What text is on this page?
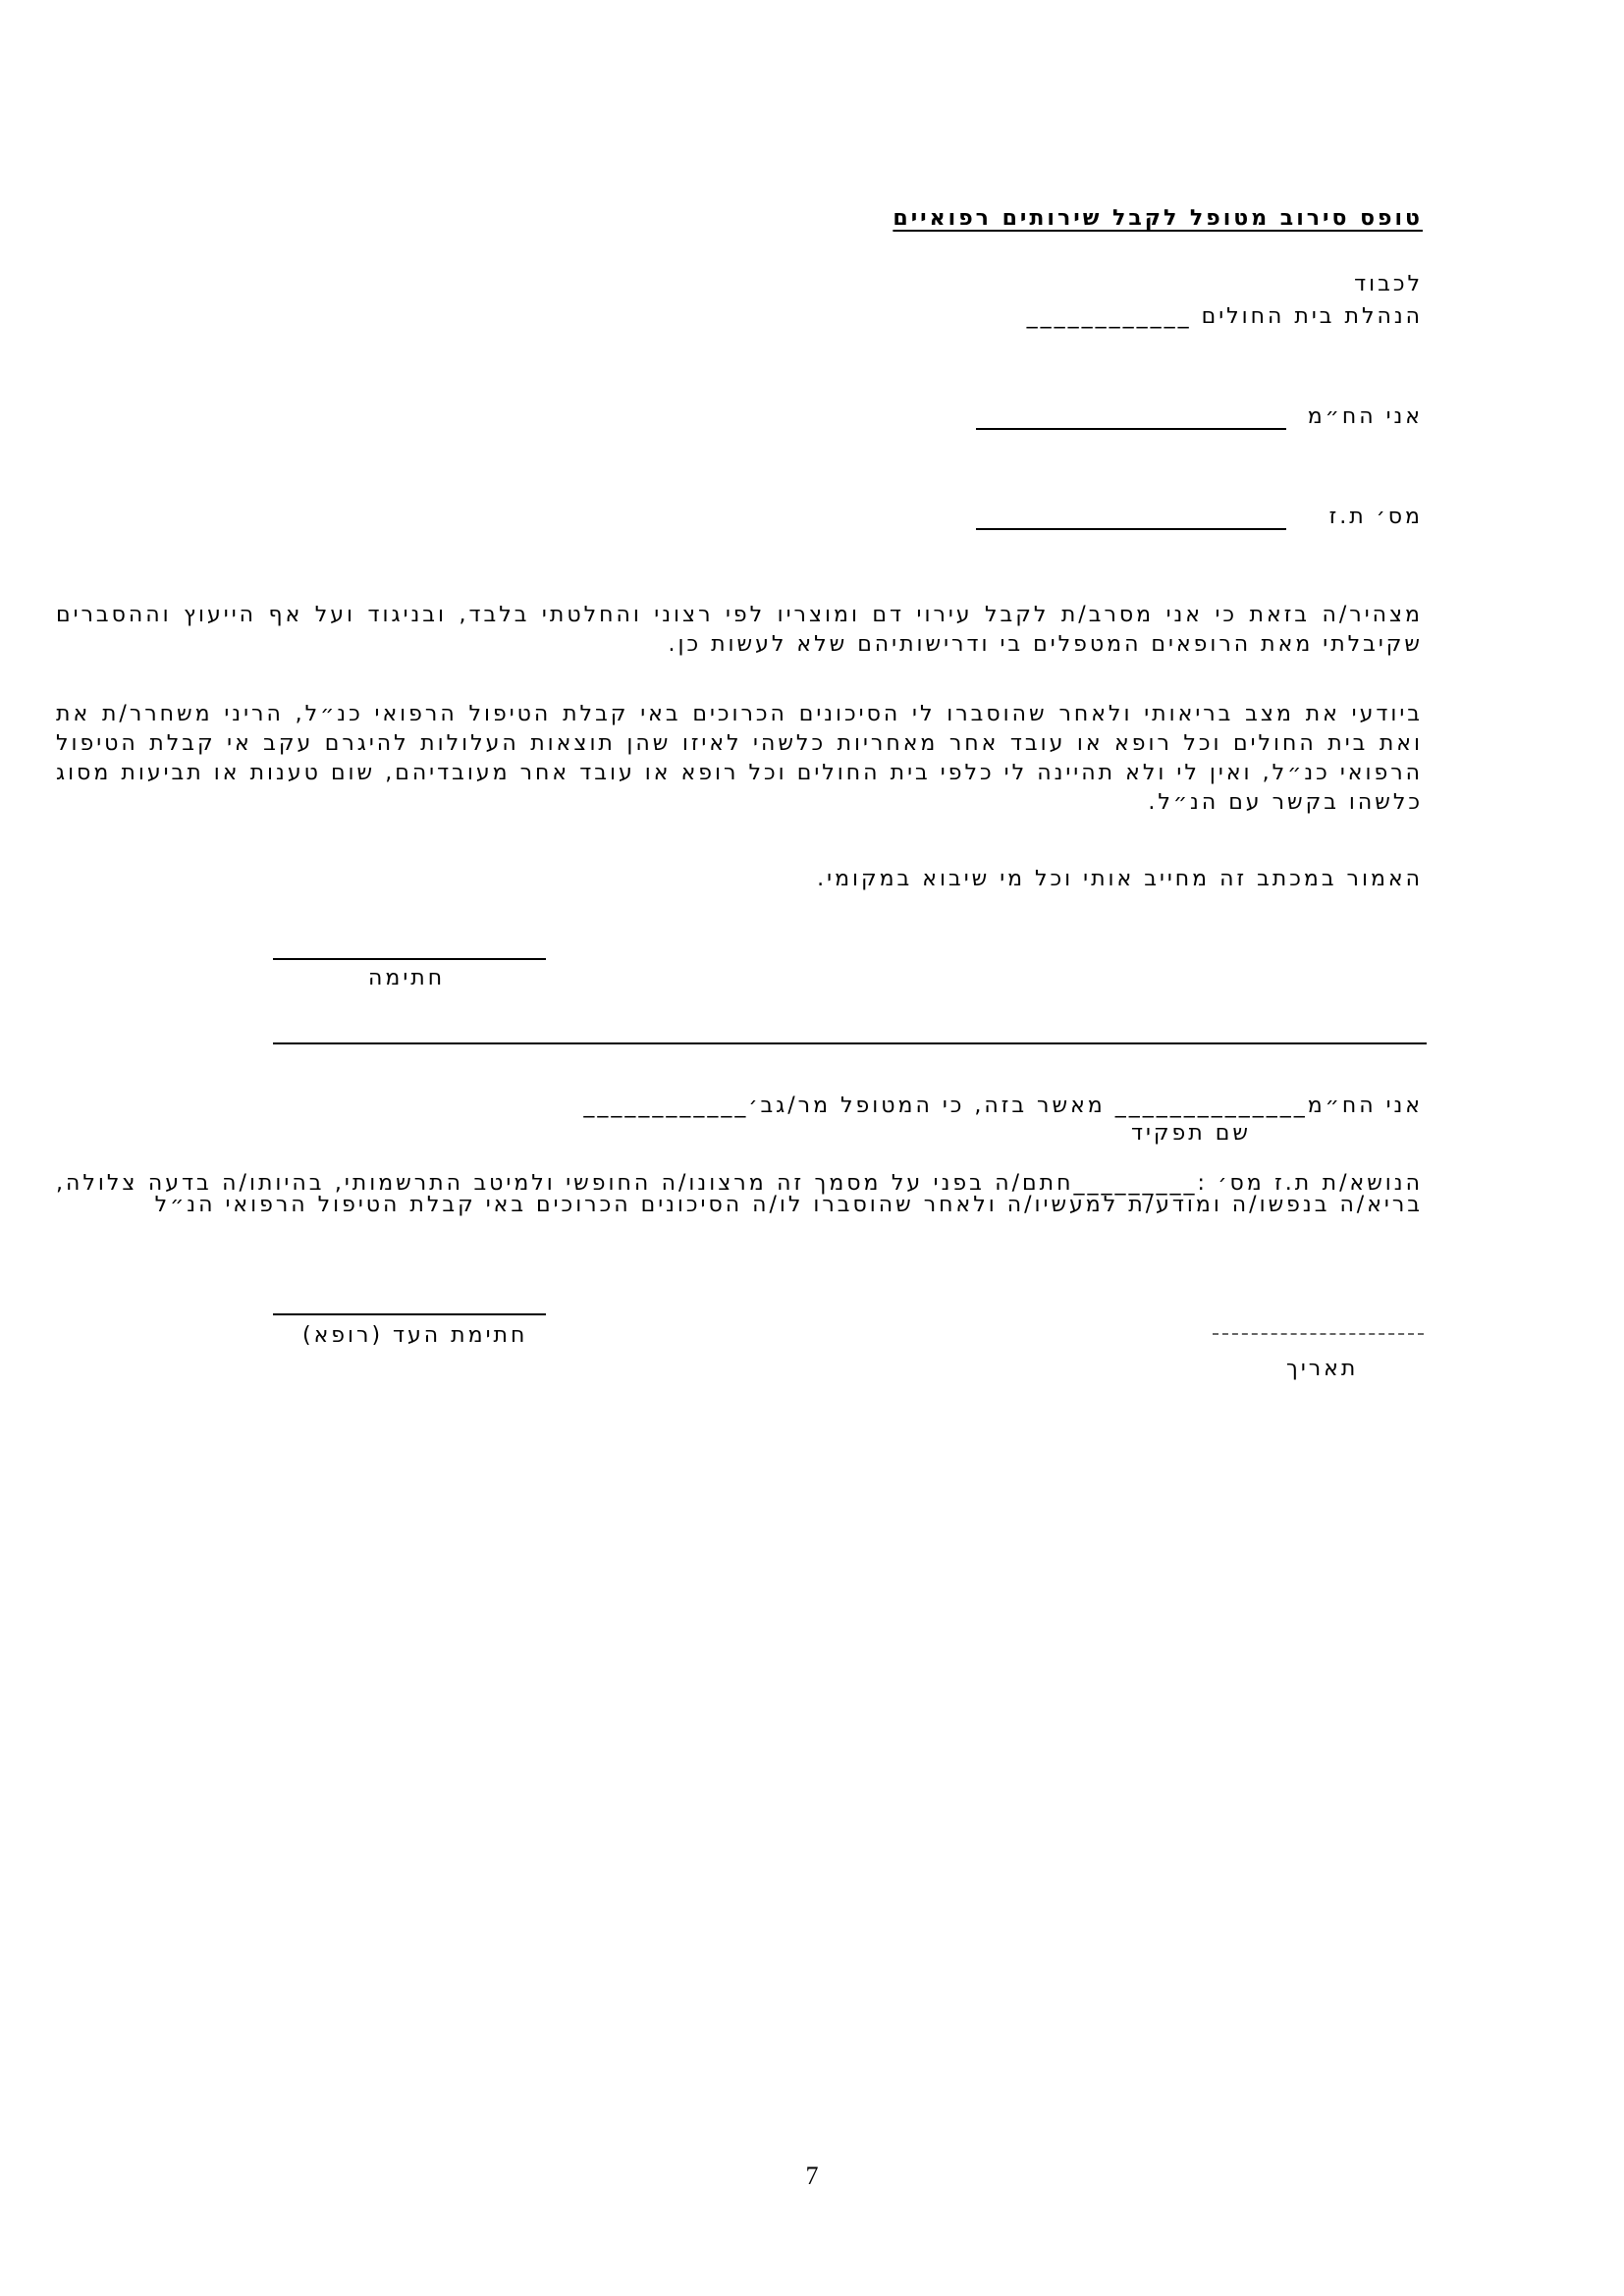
טופס סירוב מטופל לקבל שירותים רפואיים
לכבוד
הנהלת בית החולים ____________
אני הח״מ
מס׳ ת.ז
מצהיר/ה בזאת כי אני מסרב/ת לקבל עירוי דם ומוצריו לפי רצוני והחלטתי בלבד, ובניגוד ועל אף הייעוץ וההסברים שקיבלתי מאת הרופאים המטפלים בי ודרישותיהם שלא לעשות כן.
ביודעי את מצב בריאותי ולאחר שהוסברו לי הסיכונים הכרוכים באי קבלת הטיפול הרפואי כנ״ל, הריני משחרר/ת את ואת בית החולים וכל רופא או עובד אחר מאחריות כלשהי לאיזו שהן תוצאות העלולות להיגרם עקב אי קבלת הטיפול הרפואי כנ״ל, ואין לי ולא תהיינה לי כלפי בית החולים וכל רופא או עובד אחר מעובדיהם, שום טענות או תביעות מסוג כלשהו בקשר עם הנ״ל.
האמור במכתב זה מחייב אותי וכל מי שיבוא במקומי.
חתימה
אני הח״מ______________ מאשר בזה, כי המטופל מר/גב׳____________
שם תפקיד
הנושא/ת ת.ז מס׳ :_________חתם/ה בפני על מסמך זה מרצונו/ה החופשי ולמיטב התרשמותי, בהיותו/ה בדעה צלולה, בריא/ה בנפשו/ה ומודע/ת למעשיו/ה ולאחר שהוסברו לו/ה הסיכונים הכרוכים באי קבלת הטיפול הרפואי הנ״ל
חתימת העד (רופא)
תאריך
7
